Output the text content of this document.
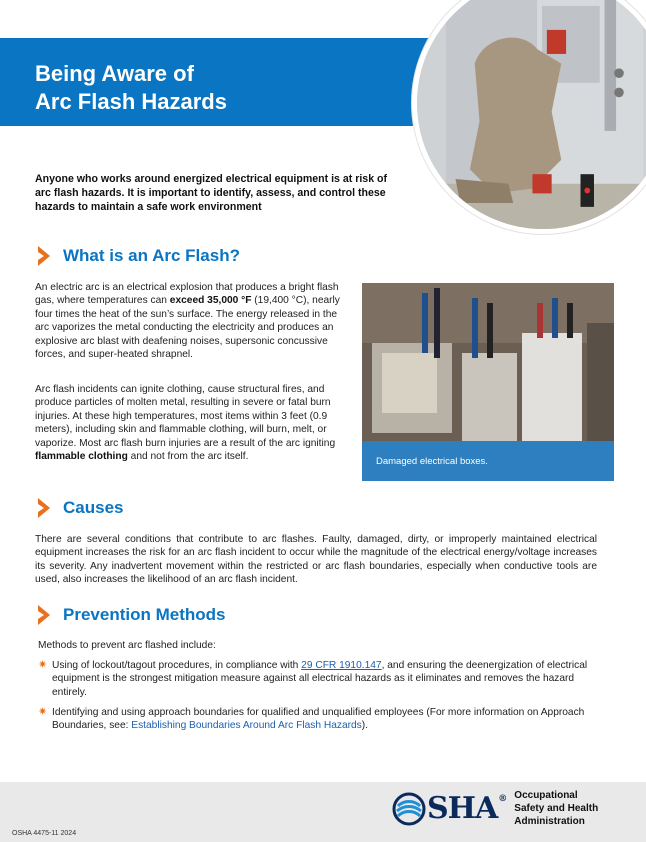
Being Aware of
Arc Flash Hazards
Anyone who works around energized electrical equipment is at risk of arc flash hazards. It is important to identify, assess, and control these hazards to maintain a safe work environment
What is an Arc Flash?
An electric arc is an electrical explosion that produces a bright flash gas, where temperatures can exceed 35,000 °F (19,400 °C), nearly four times the heat of the sun’s surface. The energy released in the arc vaporizes the metal conducting the electricity and produces an explosive arc blast with deafening noises, supersonic concussive forces, and super-heated shrapnel.
Arc flash incidents can ignite clothing, cause structural fires, and produce particles of molten metal, resulting in severe or fatal burn injuries. At these high temperatures, most items within 3 feet (0.9 meters), including skin and flammable clothing, will burn, melt, or vaporize. Most arc flash burn injuries are a result of the arc igniting flammable clothing and not from the arc itself.	Damaged electrical boxes.
Causes
There are several conditions that contribute to arc flashes. Faulty, damaged, dirty, or improperly maintained electrical equipment increases the risk for an arc flash incident to occur while the magnitude of the electrical energy/voltage increases its severity. Any inadvertent movement within the restricted or arc flash boundaries, especially when conductive tools are used, also increases the likelihood of an arc flash incident.
Prevention Methods
Methods to prevent arc flashed include:
✷ Using of lockout/tagout procedures, in compliance with 29 CFR 1910.147, and ensuring the deenergization of electrical equipment is the strongest mitigation measure against all electrical hazards as it eliminates and removes the hazard entirely.
✷ Identifying and using approach boundaries for qualified and unqualified employees (For more information on Approach Boundaries, see: Establishing Boundaries Around Arc Flash Hazards).
SHA ® Occupational
Safety and Health
Administration
OSHA 4475-11 2024
